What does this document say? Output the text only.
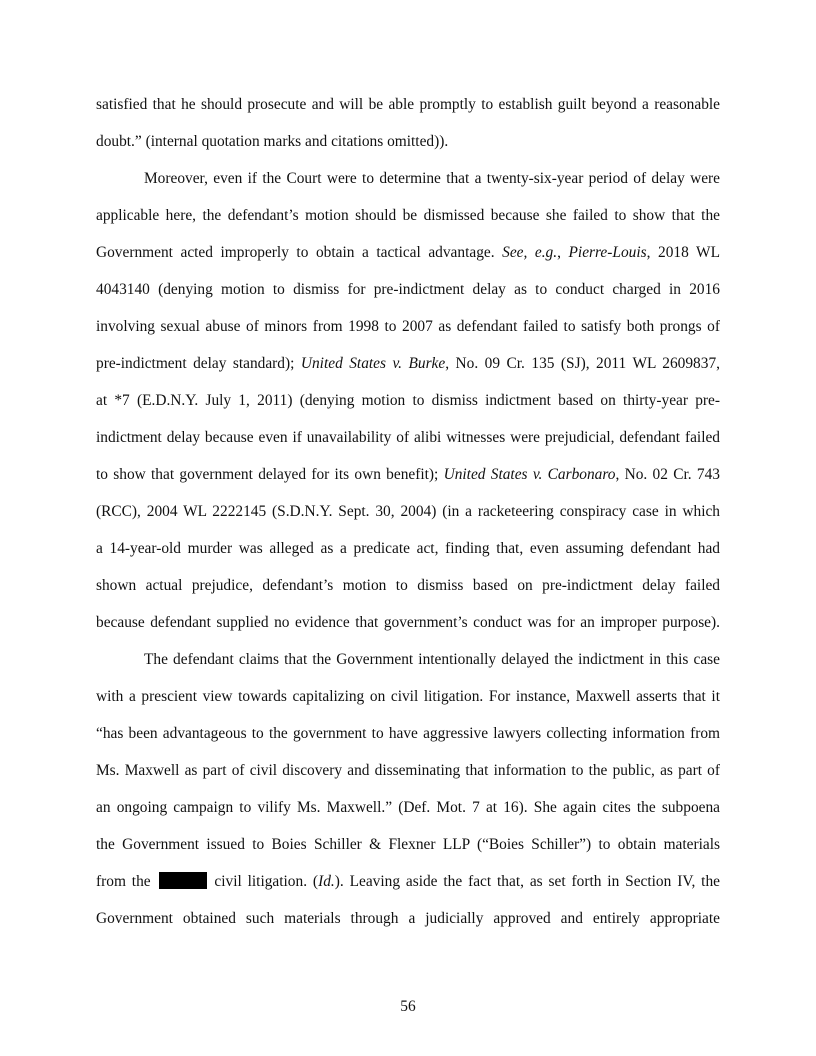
satisfied that he should prosecute and will be able promptly to establish guilt beyond a reasonable
doubt.” (internal quotation marks and citations omitted)).
Moreover, even if the Court were to determine that a twenty-six-year period of delay were
applicable here, the defendant’s motion should be dismissed because she failed to show that the
Government acted improperly to obtain a tactical advantage. See, e.g., Pierre-Louis, 2018 WL
4043140 (denying motion to dismiss for pre-indictment delay as to conduct charged in 2016
involving sexual abuse of minors from 1998 to 2007 as defendant failed to satisfy both prongs of
pre-indictment delay standard); United States v. Burke, No. 09 Cr. 135 (SJ), 2011 WL 2609837,
at *7 (E.D.N.Y. July 1, 2011) (denying motion to dismiss indictment based on thirty-year pre-
indictment delay because even if unavailability of alibi witnesses were prejudicial, defendant failed
to show that government delayed for its own benefit); United States v. Carbonaro, No. 02 Cr. 743
(RCC), 2004 WL 2222145 (S.D.N.Y. Sept. 30, 2004) (in a racketeering conspiracy case in which
a 14-year-old murder was alleged as a predicate act, finding that, even assuming defendant had
shown actual prejudice, defendant’s motion to dismiss based on pre-indictment delay failed
because defendant supplied no evidence that government’s conduct was for an improper purpose).
The defendant claims that the Government intentionally delayed the indictment in this case
with a prescient view towards capitalizing on civil litigation. For instance, Maxwell asserts that it
“has been advantageous to the government to have aggressive lawyers collecting information from
Ms. Maxwell as part of civil discovery and disseminating that information to the public, as part of
an ongoing campaign to vilify Ms. Maxwell.” (Def. Mot. 7 at 16). She again cites the subpoena
the Government issued to Boies Schiller & Flexner LLP (“Boies Schiller”) to obtain materials
from the	civil litigation. (Id.). Leaving aside the fact that, as set forth in Section IV, the
Government obtained such materials through a judicially approved and entirely appropriate
56
